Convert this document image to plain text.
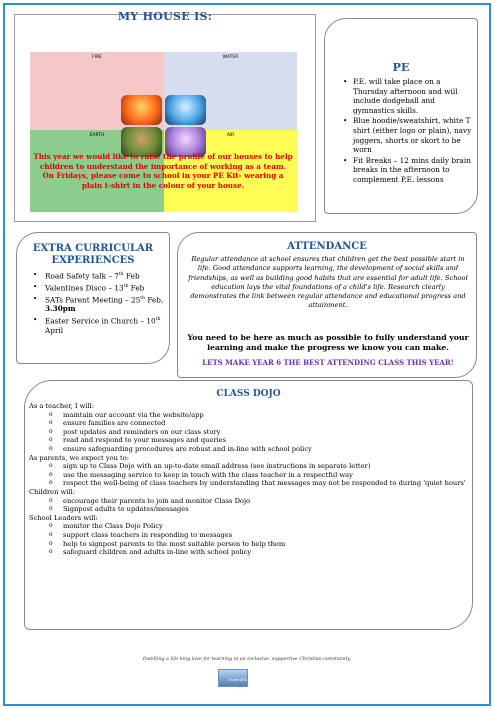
MY HOUSE IS:
FIRE	WATER
EARTH	AIR
This year we would like to raise the profile of our houses to help children to understand the importance of working as a team.
On Fridays, please come to school in your PE Kit- wearing a plain t-shirt in the colour of your house.
PE
• P.E. will take place on a Thursday afternoon and will include dodgeball and gymnastics skills.
• Blue hoodie/sweatshirt, white T shirt (either logo or plain), navy joggers, shorts or skort to be worn
• Fit Breaks – 12 mins daily brain breaks in the afternoon to complement P.E. lessons
EXTRA CURRICULAR EXPERIENCES
• Road Safety talk – 7th Feb
• Valentines Disco – 13th Feb
• SATs Parent Meeting – 25th Feb, 3.30pm
• Easter Service in Church – 10th April
ATTENDANCE
Regular attendance at school ensures that children get the best possible start in life. Good attendance supports learning, the development of social skills and friendships, as well as building good habits that are essential for adult life. School education lays the vital foundations of a child's life. Research clearly demonstrates the link between regular attendance and educational progress and attainment.
You need to be here as much as possible to fully understand your learning and make the progress we know you can make.
LETS MAKE YEAR 6 THE BEST ATTENDING CLASS THIS YEAR!
CLASS DOJO
As a teacher, I will:
o maintain our account via the website/app
o ensure families are connected
o post updates and reminders on our class story
o read and respond to your messages and queries
o ensure safeguarding procedures are robust and in-line with school policy
As parents, we expect you to:
o sign up to Class Dojo with an up-to-date email address (see instructions in separate letter)
o use the messaging service to keep in touch with the class teacher in a respectful way
o respect the well-being of class teachers by understanding that messages may not be responded to during 'quiet hours'
Children will:
o encourage their parents to join and monitor Class Dojo
o Signpost adults to updates/messages
School Leaders will:
o monitor the Class Dojo Policy
o support class teachers in responding to messages
o help to signpost parents to the most suitable person to help them
o safeguard children and adults in-line with school policy
Instilling a life-long love for learning in an inclusive, supportive Christian community.
Forest AFIZ
